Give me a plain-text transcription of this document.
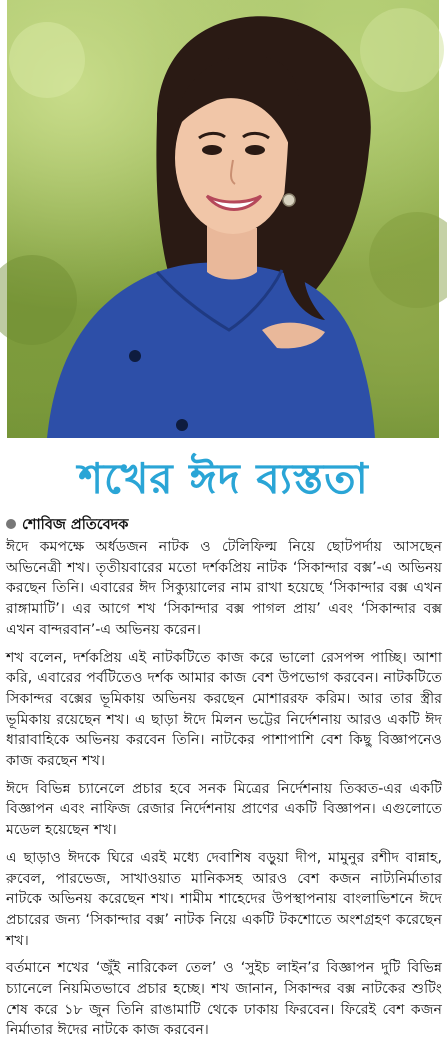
শখের ঈদ ব্যস্ততা
শোবিজ প্রতিবেদক

ঈদে কমপক্ষে অর্ধডজন নাটক ও টেলিফিল্ম নিয়ে ছোটপর্দায় আসছেন অভিনেত্রী শখ। তৃতীয়বারের মতো দর্শকপ্রিয় নাটক ‘সিকান্দার বক্স’-এ অভিনয় করছেন তিনি। এবারের ঈদ সিক্যুয়ালের নাম রাখা হয়েছে ‘সিকান্দার বক্স এখন রাঙ্গামাটি’। এর আগে শখ ‘সিকান্দার বক্স পাগল প্রায়’ এবং ‘সিকান্দার বক্স এখন বান্দরবান’-এ অভিনয় করেন।

শখ বলেন, দর্শকপ্রিয় এই নাটকটিতে কাজ করে ভালো রেসপন্স পাচ্ছি। আশা করি, এবারের পর্বটিতেও দর্শক আমার কাজ বেশ উপভোগ করবেন। নাটকটিতে সিকান্দর বক্সের ভূমিকায় অভিনয় করছেন মোশাররফ করিম। আর তার স্ত্রীর ভূমিকায় রয়েছেন শখ। এ ছাড়া ঈদে মিলন ভট্টের নির্দেশনায় আরও একটি ঈদ ধারাবাহিকে অভিনয় করবেন তিনি। নাটকের পাশাপাশি বেশ কিছু বিজ্ঞাপনেও কাজ করছেন শখ।

ঈদে বিভিন্ন চ্যানেলে প্রচার হবে সনক মিত্রের নির্দেশনায় তিব্বত-এর একটি বিজ্ঞাপন এবং নাফিজ রেজার নির্দেশনায় প্রাণের একটি বিজ্ঞাপন। এগুলোতে মডেল হয়েছেন শখ।

এ ছাড়াও ঈদকে ঘিরে এরই মধ্যে দেবাশিষ বড়ুয়া দীপ, মামুনুর রশীদ বান্নাহ, রুবেল, পারভেজ, সাখাওয়াত মানিকসহ আরও বেশ কজন নাট্যনির্মাতার নাটকে অভিনয় করেছেন শখ। শামীম শাহেদের উপস্থাপনায় বাংলাভিশনে ঈদে প্রচারের জন্য ‘সিকান্দার বক্স’ নাটক নিয়ে একটি টকশোতে অংশগ্রহণ করেছেন শখ।

বর্তমানে শখের ‘জুঁই নারিকেল তেল’ ও ‘সুইচ লাইন’র বিজ্ঞাপন দুটি বিভিন্ন চ্যানেলে নিয়মিতভাবে প্রচার হচ্ছে। শখ জানান, সিকান্দর বক্স নাটকের শুটিং শেষ করে ১৮ জুন তিনি রাঙামাটি থেকে ঢাকায় ফিরবেন। ফিরেই বেশ কজন নির্মাতার ঈদের নাটকে কাজ করবেন।
